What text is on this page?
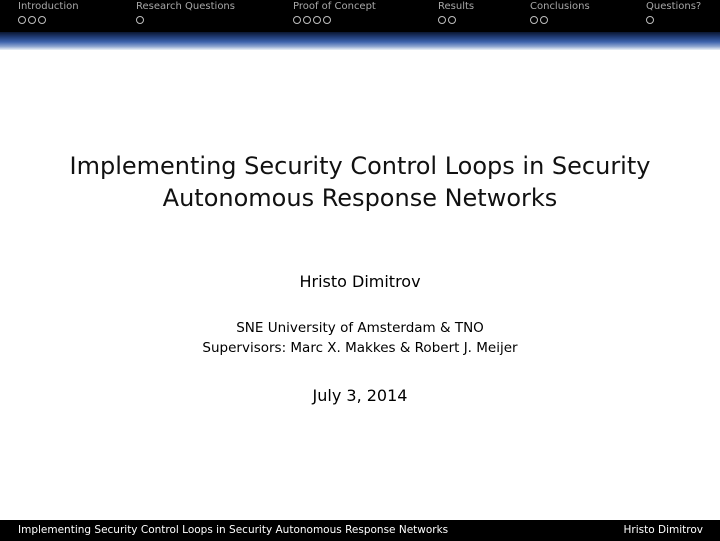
Introduction	Research Questions	Proof of Concept	Results	Conclusions	Questions?
Implementing Security Control Loops in Security
Autonomous Response Networks
Hristo Dimitrov
SNE University of Amsterdam & TNO
Supervisors: Marc X. Makkes & Robert J. Meijer
July 3, 2014
Implementing Security Control Loops in Security Autonomous Response Networks	Hristo Dimitrov
